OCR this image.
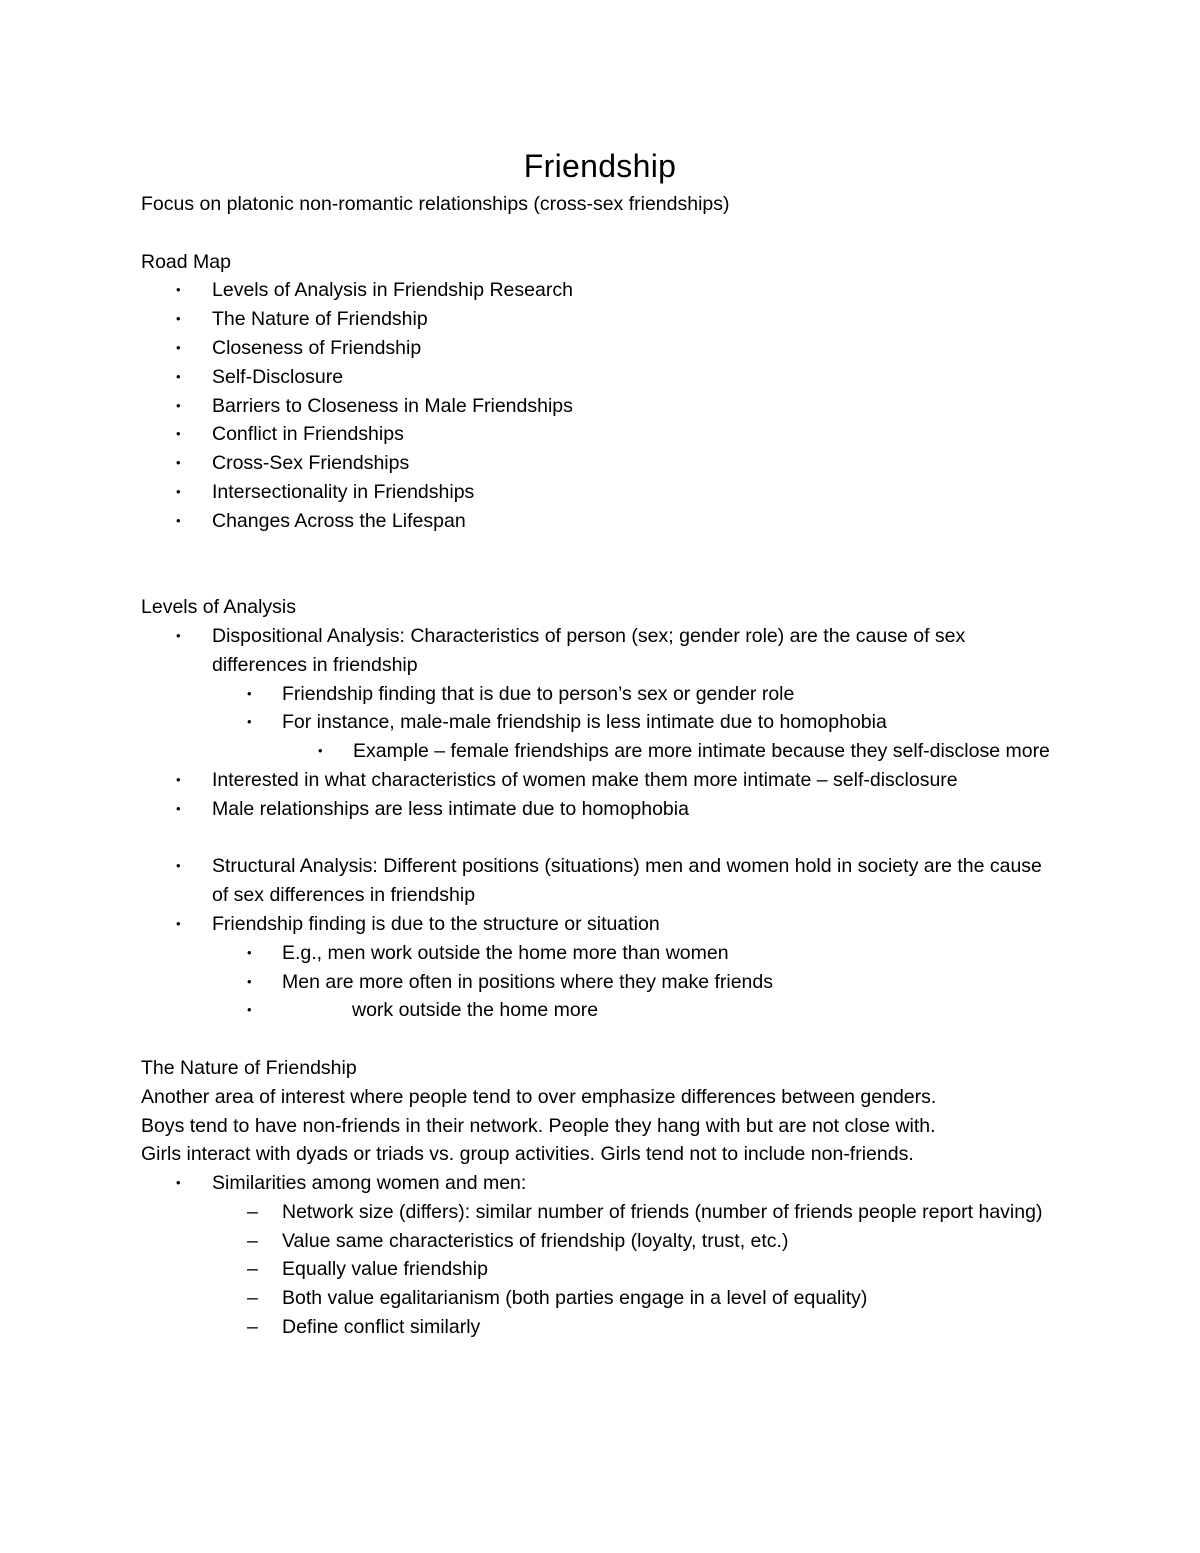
Friendship

Focus on platonic non-romantic relationships (cross-sex friendships)

Road Map

• Levels of Analysis in Friendship Research
• The Nature of Friendship
• Closeness of Friendship
• Self-Disclosure
• Barriers to Closeness in Male Friendships
• Conflict in Friendships
• Cross-Sex Friendships
• Intersectionality in Friendships
• Changes Across the Lifespan

Levels of Analysis

• Dispositional Analysis: Characteristics of person (sex; gender role) are the cause of sex differences in friendship
• Friendship finding that is due to person’s sex or gender role
• For instance, male-male friendship is less intimate due to homophobia
• Example – female friendships are more intimate because they self-disclose more
• Interested in what characteristics of women make them more intimate – self-disclosure
• Male relationships are less intimate due to homophobia
• Structural Analysis: Different positions (situations) men and women hold in society are the cause of sex differences in friendship
• Friendship finding is due to the structure or situation
• E.g., men work outside the home more than women
• Men are more often in positions where they make friends
•	work outside the home more

The Nature of Friendship

Another area of interest where people tend to over emphasize differences between genders.

Boys tend to have non-friends in their network. People they hang with but are not close with.

Girls interact with dyads or triads vs. group activities. Girls tend not to include non-friends.

• Similarities among women and men:
– Network size (differs): similar number of friends (number of friends people report having)
– Value same characteristics of friendship (loyalty, trust, etc.)
– Equally value friendship
– Both value egalitarianism (both parties engage in a level of equality)
– Define conflict similarly
